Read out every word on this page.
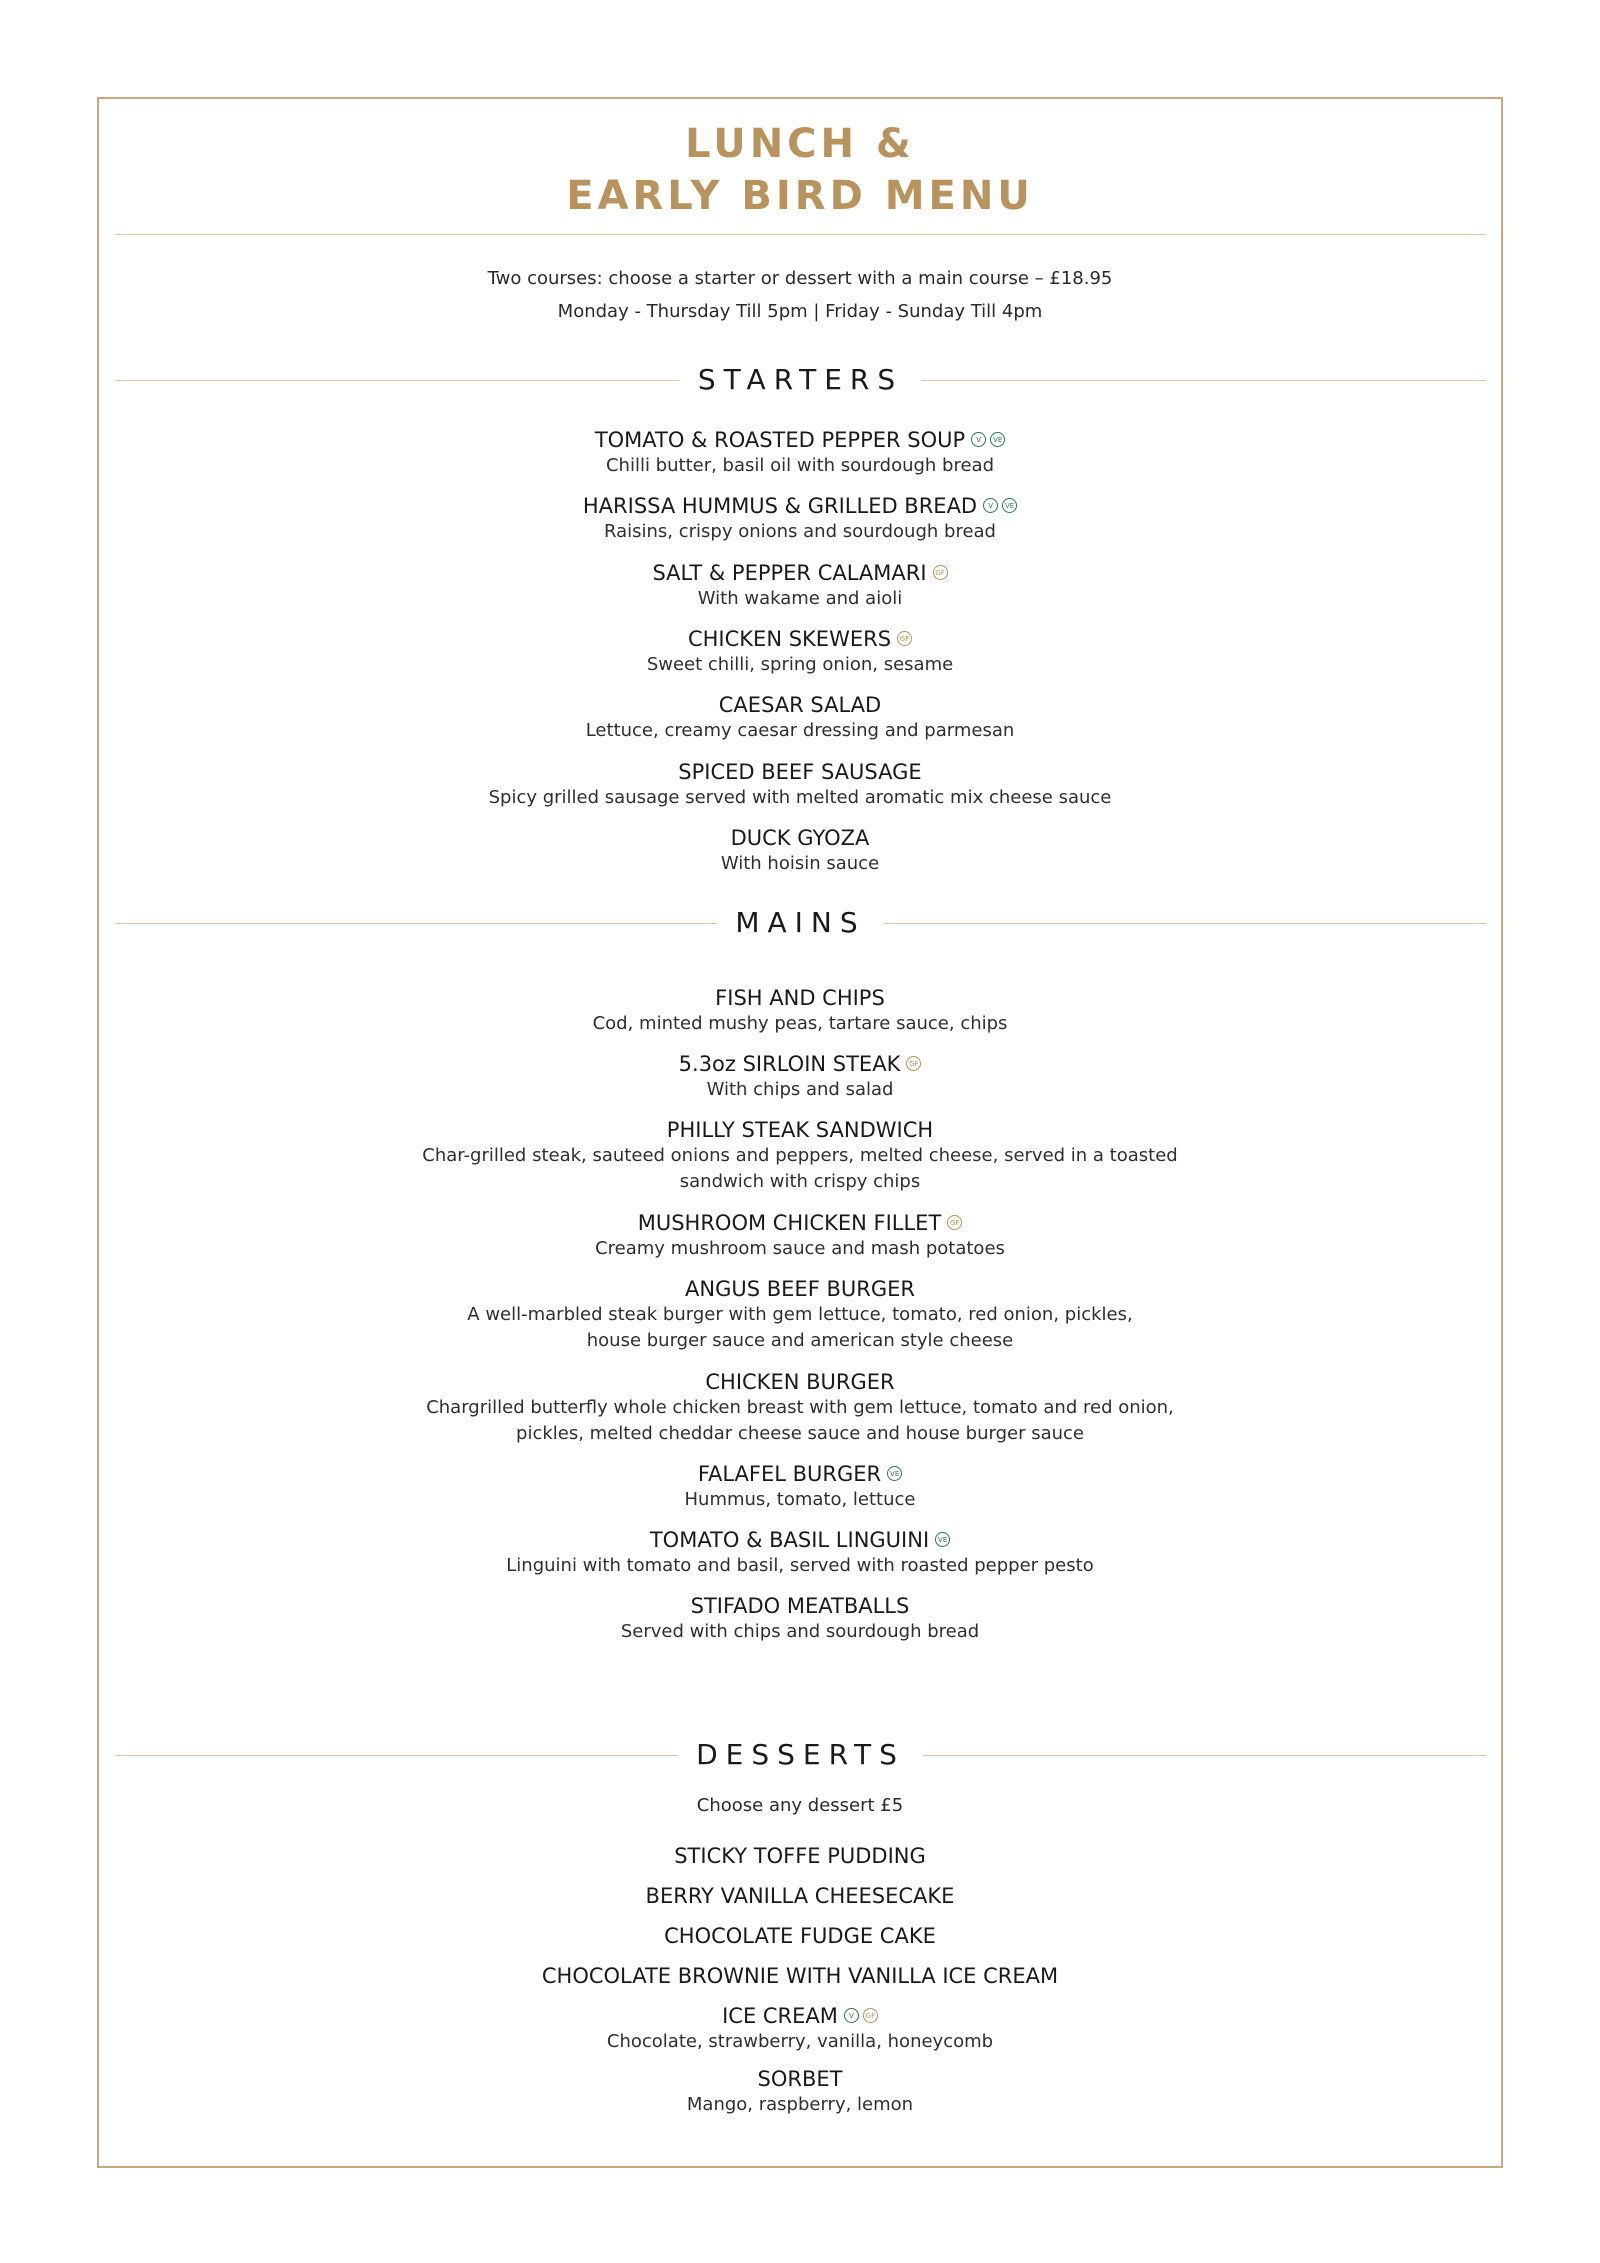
LUNCH &
EARLY BIRD MENU
Two courses: choose a starter or dessert with a main course – £18.95
Monday - Thursday Till 5pm | Friday - Sunday Till 4pm
STARTERS
TOMATO & ROASTED PEPPER SOUP V VE
Chilli butter, basil oil with sourdough bread
HARISSA HUMMUS & GRILLED BREAD V VE
Raisins, crispy onions and sourdough bread
SALT & PEPPER CALAMARI GF
With wakame and aioli
CHICKEN SKEWERS GF
Sweet chilli, spring onion, sesame
CAESAR SALAD
Lettuce, creamy caesar dressing and parmesan
SPICED BEEF SAUSAGE
Spicy grilled sausage served with melted aromatic mix cheese sauce
DUCK GYOZA
With hoisin sauce
MAINS
FISH AND CHIPS
Cod, minted mushy peas, tartare sauce, chips
5.3oz SIRLOIN STEAK GF
With chips and salad
PHILLY STEAK SANDWICH
Char-grilled steak, sauteed onions and peppers, melted cheese, served in a toasted
sandwich with crispy chips
MUSHROOM CHICKEN FILLET GF
Creamy mushroom sauce and mash potatoes
ANGUS BEEF BURGER
A well-marbled steak burger with gem lettuce, tomato, red onion, pickles,
house burger sauce and american style cheese
CHICKEN BURGER
Chargrilled butterfly whole chicken breast with gem lettuce, tomato and red onion,
pickles, melted cheddar cheese sauce and house burger sauce
FALAFEL BURGER VE
Hummus, tomato, lettuce
TOMATO & BASIL LINGUINI VE
Linguini with tomato and basil, served with roasted pepper pesto
STIFADO MEATBALLS
Served with chips and sourdough bread
DESSERTS
Choose any dessert £5
STICKY TOFFE PUDDING
BERRY VANILLA CHEESECAKE
CHOCOLATE FUDGE CAKE
CHOCOLATE BROWNIE WITH VANILLA ICE CREAM
ICE CREAM V GF
Chocolate, strawberry, vanilla, honeycomb
SORBET
Mango, raspberry, lemon
